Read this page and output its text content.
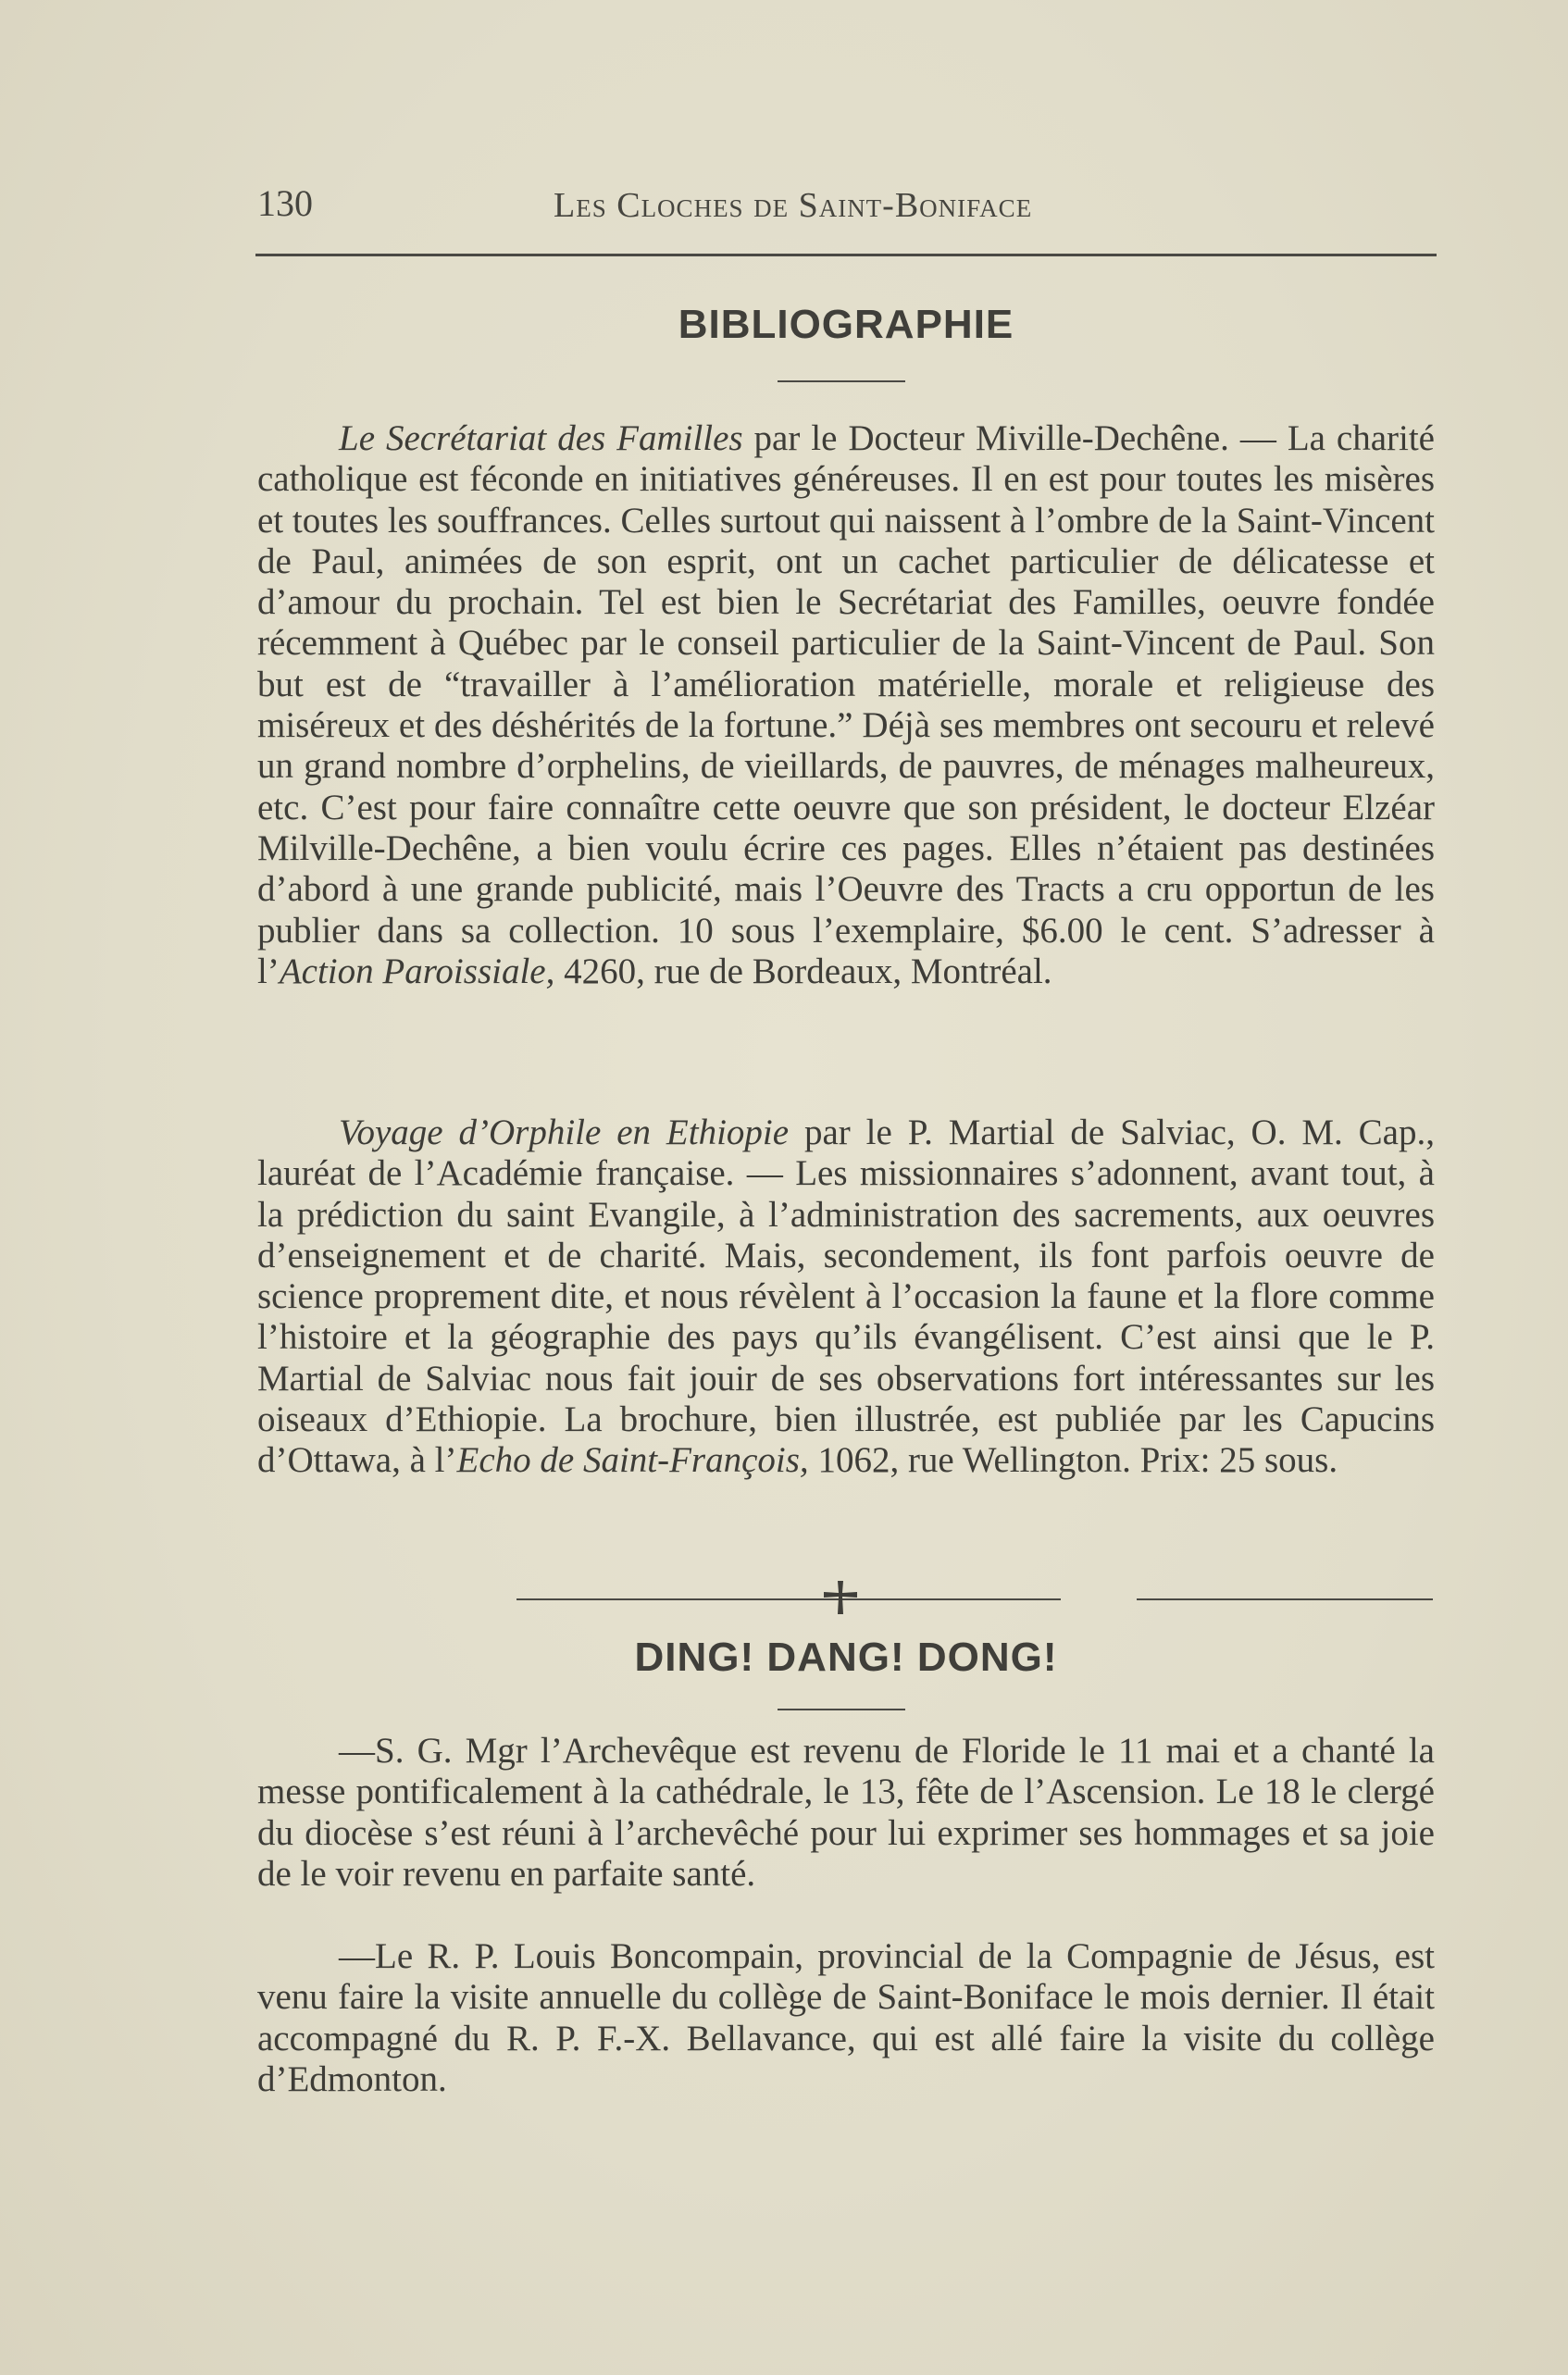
130	Les Cloches de Saint-Boniface
BIBLIOGRAPHIE

Le Secrétariat des Familles par le Docteur Miville-Dechêne. — La charité catholique est féconde en initiatives généreuses. Il en est pour toutes les misères et toutes les souffrances. Celles surtout qui naissent à l’ombre de la Saint-Vincent de Paul, animées de son esprit, ont un cachet particulier de délicatesse et d’amour du prochain. Tel est bien le Secrétariat des Familles, oeuvre fondée récemment à Québec par le conseil particulier de la Saint-Vincent de Paul. Son but est de “travailler à l’amélioration matérielle, morale et religieuse des miséreux et des déshérités de la fortune.” Déjà ses membres ont secouru et relevé un grand nombre d’orphelins, de vieillards, de pauvres, de ménages malheureux, etc. C’est pour faire connaître cette oeuvre que son président, le docteur Elzéar Milville-Dechêne, a bien voulu écrire ces pages. Elles n’étaient pas destinées d’abord à une grande publicité, mais l’Oeuvre des Tracts a cru opportun de les publier dans sa collection. 10 sous l’exemplaire, $6.00 le cent. S’adresser à l’Action Paroissiale, 4260, rue de Bordeaux, Montréal.

Voyage d’Orphile en Ethiopie par le P. Martial de Salviac, O. M. Cap., lauréat de l’Académie française. — Les missionnaires s’adonnent, avant tout, à la prédiction du saint Evangile, à l’administration des sacrements, aux oeuvres d’enseignement et de charité. Mais, secondement, ils font parfois oeuvre de science proprement dite, et nous révèlent à l’occasion la faune et la flore comme l’histoire et la géographie des pays qu’ils évangélisent. C’est ainsi que le P. Martial de Salviac nous fait jouir de ses observations fort intéressantes sur les oiseaux d’Ethiopie. La brochure, bien illustrée, est publiée par les Capucins d’Ottawa, à l’Echo de Saint-François, 1062, rue Wellington. Prix: 25 sous.

DING! DANG! DONG!

—S. G. Mgr l’Archevêque est revenu de Floride le 11 mai et a chanté la messe pontificalement à la cathédrale, le 13, fête de l’Ascension. Le 18 le clergé du diocèse s’est réuni à l’archevêché pour lui exprimer ses hommages et sa joie de le voir revenu en parfaite santé.

—Le R. P. Louis Boncompain, provincial de la Compagnie de Jésus, est venu faire la visite annuelle du collège de Saint-Boniface le mois dernier. Il était accompagné du R. P. F.-X. Bellavance, qui est allé faire la visite du collège d’Edmonton.
